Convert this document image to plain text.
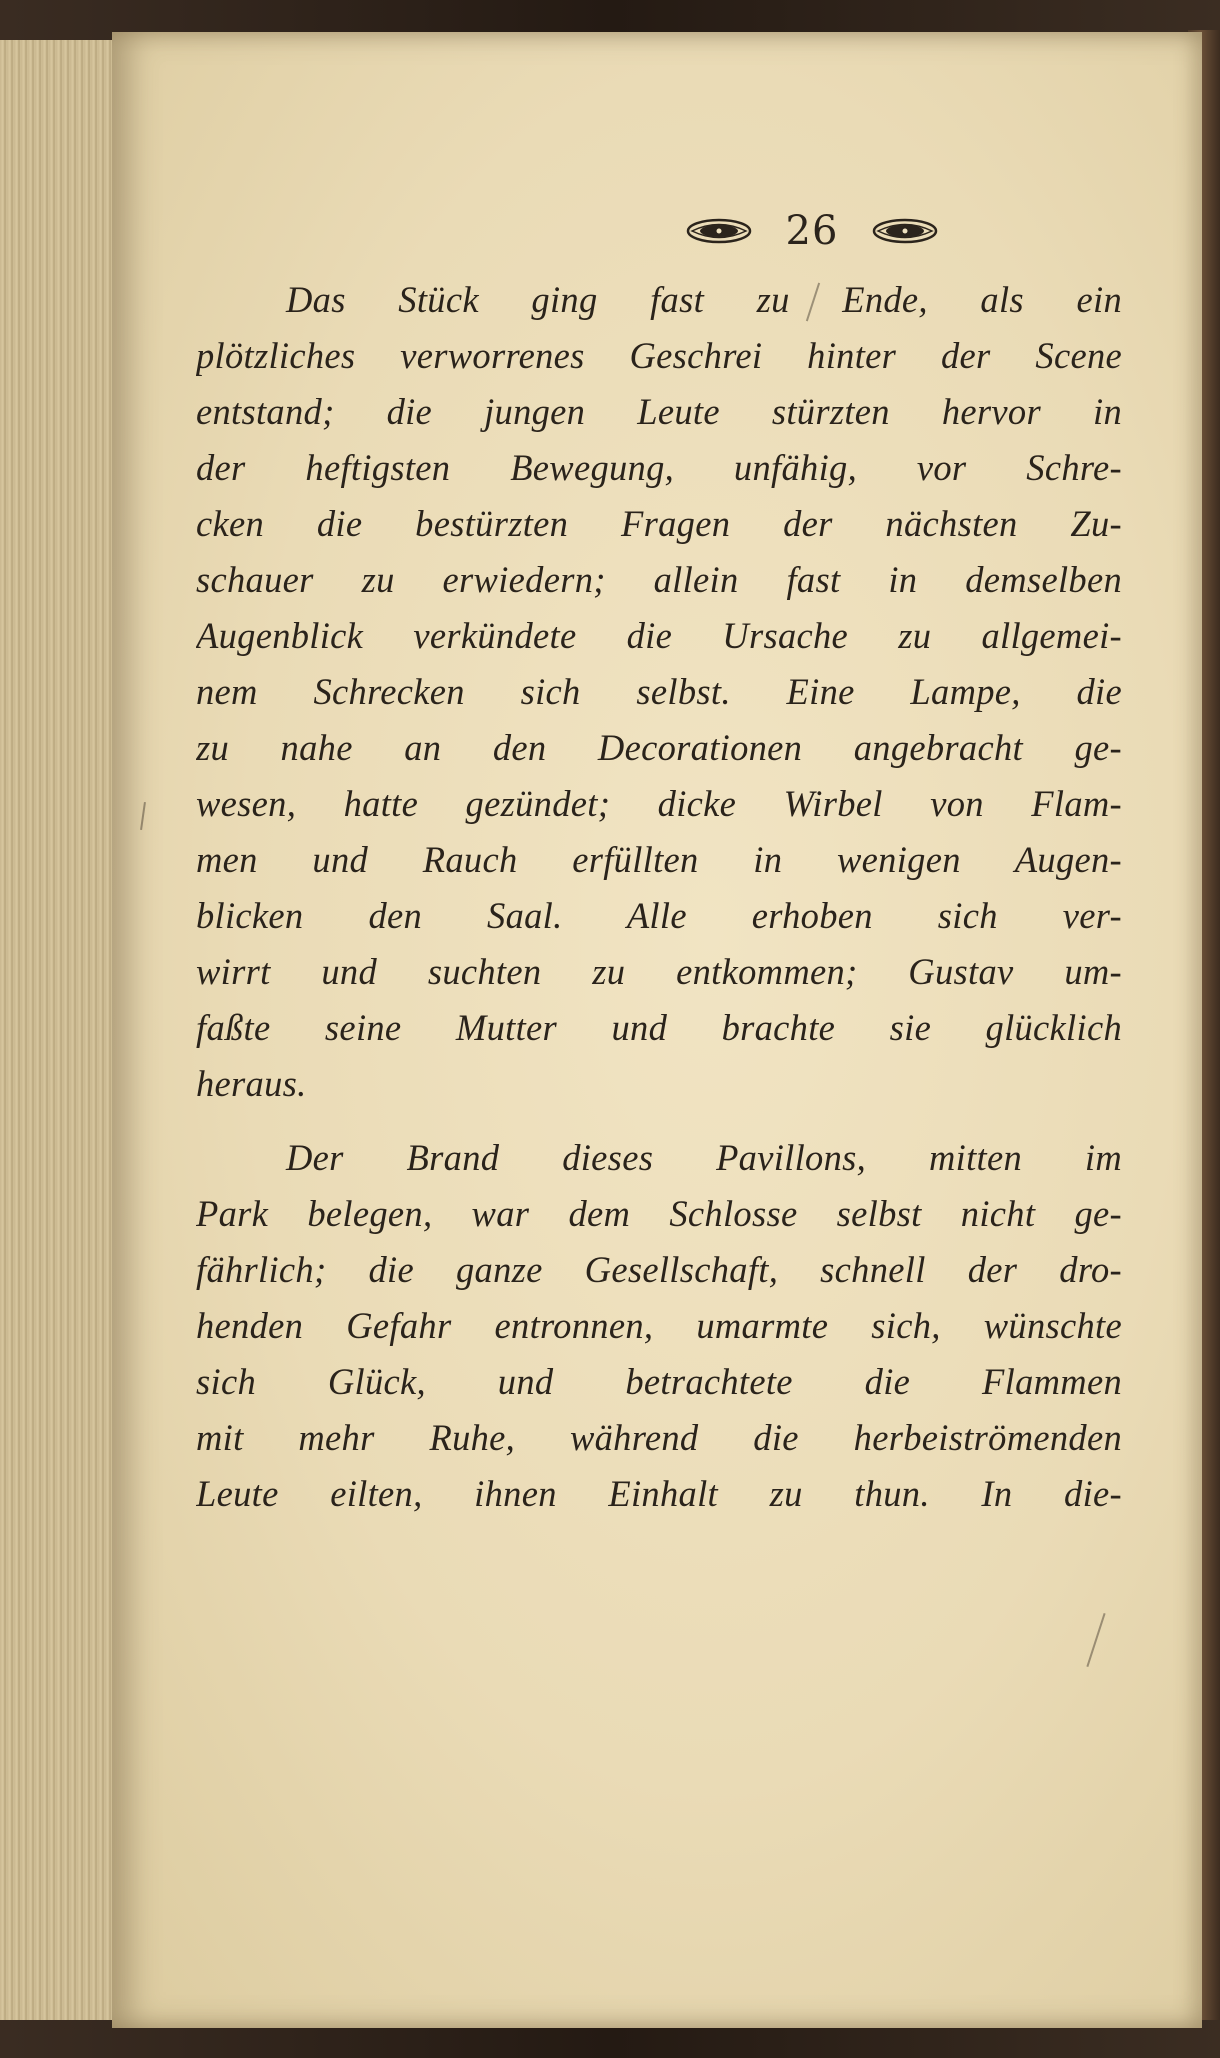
26
Das Stück ging fast zu Ende, als ein
plötzliches verworrenes Geschrei hinter der Scene
entstand; die jungen Leute stürzten hervor in
der heftigsten Bewegung, unfähig, vor Schre-
cken die bestürzten Fragen der nächsten Zu-
schauer zu erwiedern; allein fast in demselben
Augenblick verkündete die Ursache zu allgemei-
nem Schrecken sich selbst. Eine Lampe, die
zu nahe an den Decorationen angebracht ge-
wesen, hatte gezündet; dicke Wirbel von Flam-
men und Rauch erfüllten in wenigen Augen-
blicken den Saal. Alle erhoben sich ver-
wirrt und suchten zu entkommen; Gustav um-
faßte seine Mutter und brachte sie glücklich
heraus.
Der Brand dieses Pavillons, mitten im
Park belegen, war dem Schlosse selbst nicht ge-
fährlich; die ganze Gesellschaft, schnell der dro-
henden Gefahr entronnen, umarmte sich, wünschte
sich Glück, und betrachtete die Flammen
mit mehr Ruhe, während die herbeiströmenden
Leute eilten, ihnen Einhalt zu thun. In die-
